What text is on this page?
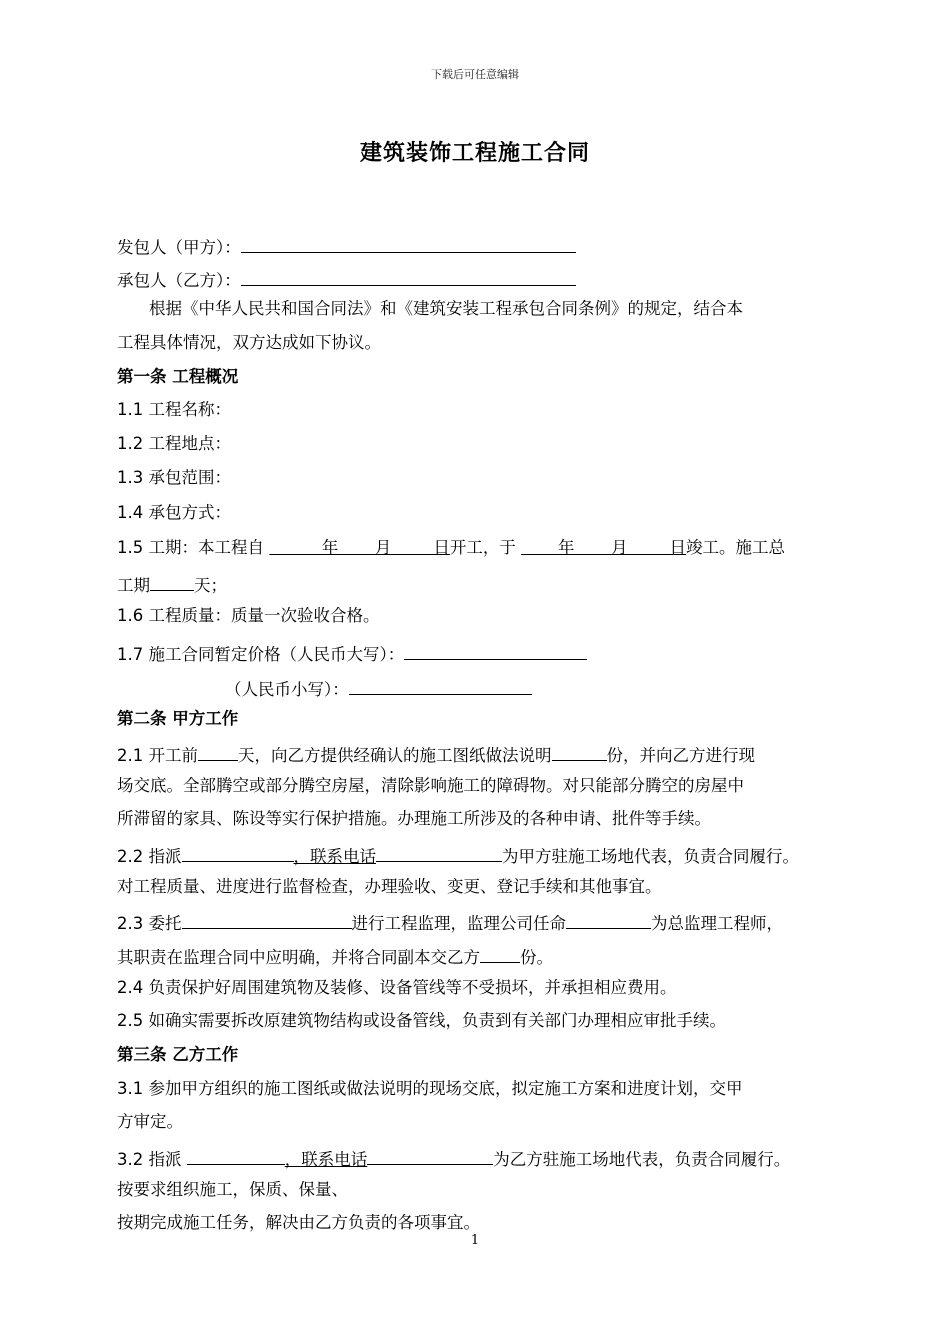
下载后可任意编辑
建筑装饰工程施工合同
发包人（甲方）：
承包人（乙方）：
根据《中华人民共和国合同法》和《建筑安装工程承包合同条例》的规定，结合本
工程具体情况，双方达成如下协议。
第一条 工程概况
1.1 工程名称：
1.2 工程地点：
1.3 承包范围：
1.4 承包方式：
1.5 工期：本工程自	年 月	日开工，于	年 月	日竣工。施工总
工期	天；
1.6 工程质量：质量一次验收合格。
1.7 施工合同暂定价格（人民币大写）：
（人民币小写）：
第二条 甲方工作
2.1 开工前 天，向乙方提供经确认的施工图纸做法说明	份，并向乙方进行现
场交底。全部腾空或部分腾空房屋，清除影响施工的障碍物。对只能部分腾空的房屋中
所滞留的家具、陈设等实行保护措施。办理施工所涉及的各种申请、批件等手续。
2.2 指派	，联系电话	为甲方驻施工场地代表，负责合同履行。
对工程质量、进度进行监督检查，办理验收、变更、登记手续和其他事宜。
2.3 委托	进行工程监理，监理公司任命	为总监理工程师，
其职责在监理合同中应明确，并将合同副本交乙方 份。
2.4 负责保护好周围建筑物及装修、设备管线等不受损坏，并承担相应费用。
2.5 如确实需要拆改原建筑物结构或设备管线，负责到有关部门办理相应审批手续。
第三条 乙方工作
3.1 参加甲方组织的施工图纸或做法说明的现场交底，拟定施工方案和进度计划，交甲
方审定。
3.2 指派	，联系电话	为乙方驻施工场地代表，负责合同履行。
按要求组织施工，保质、保量、
按期完成施工任务，解决由乙方负责的各项事宜。
1
